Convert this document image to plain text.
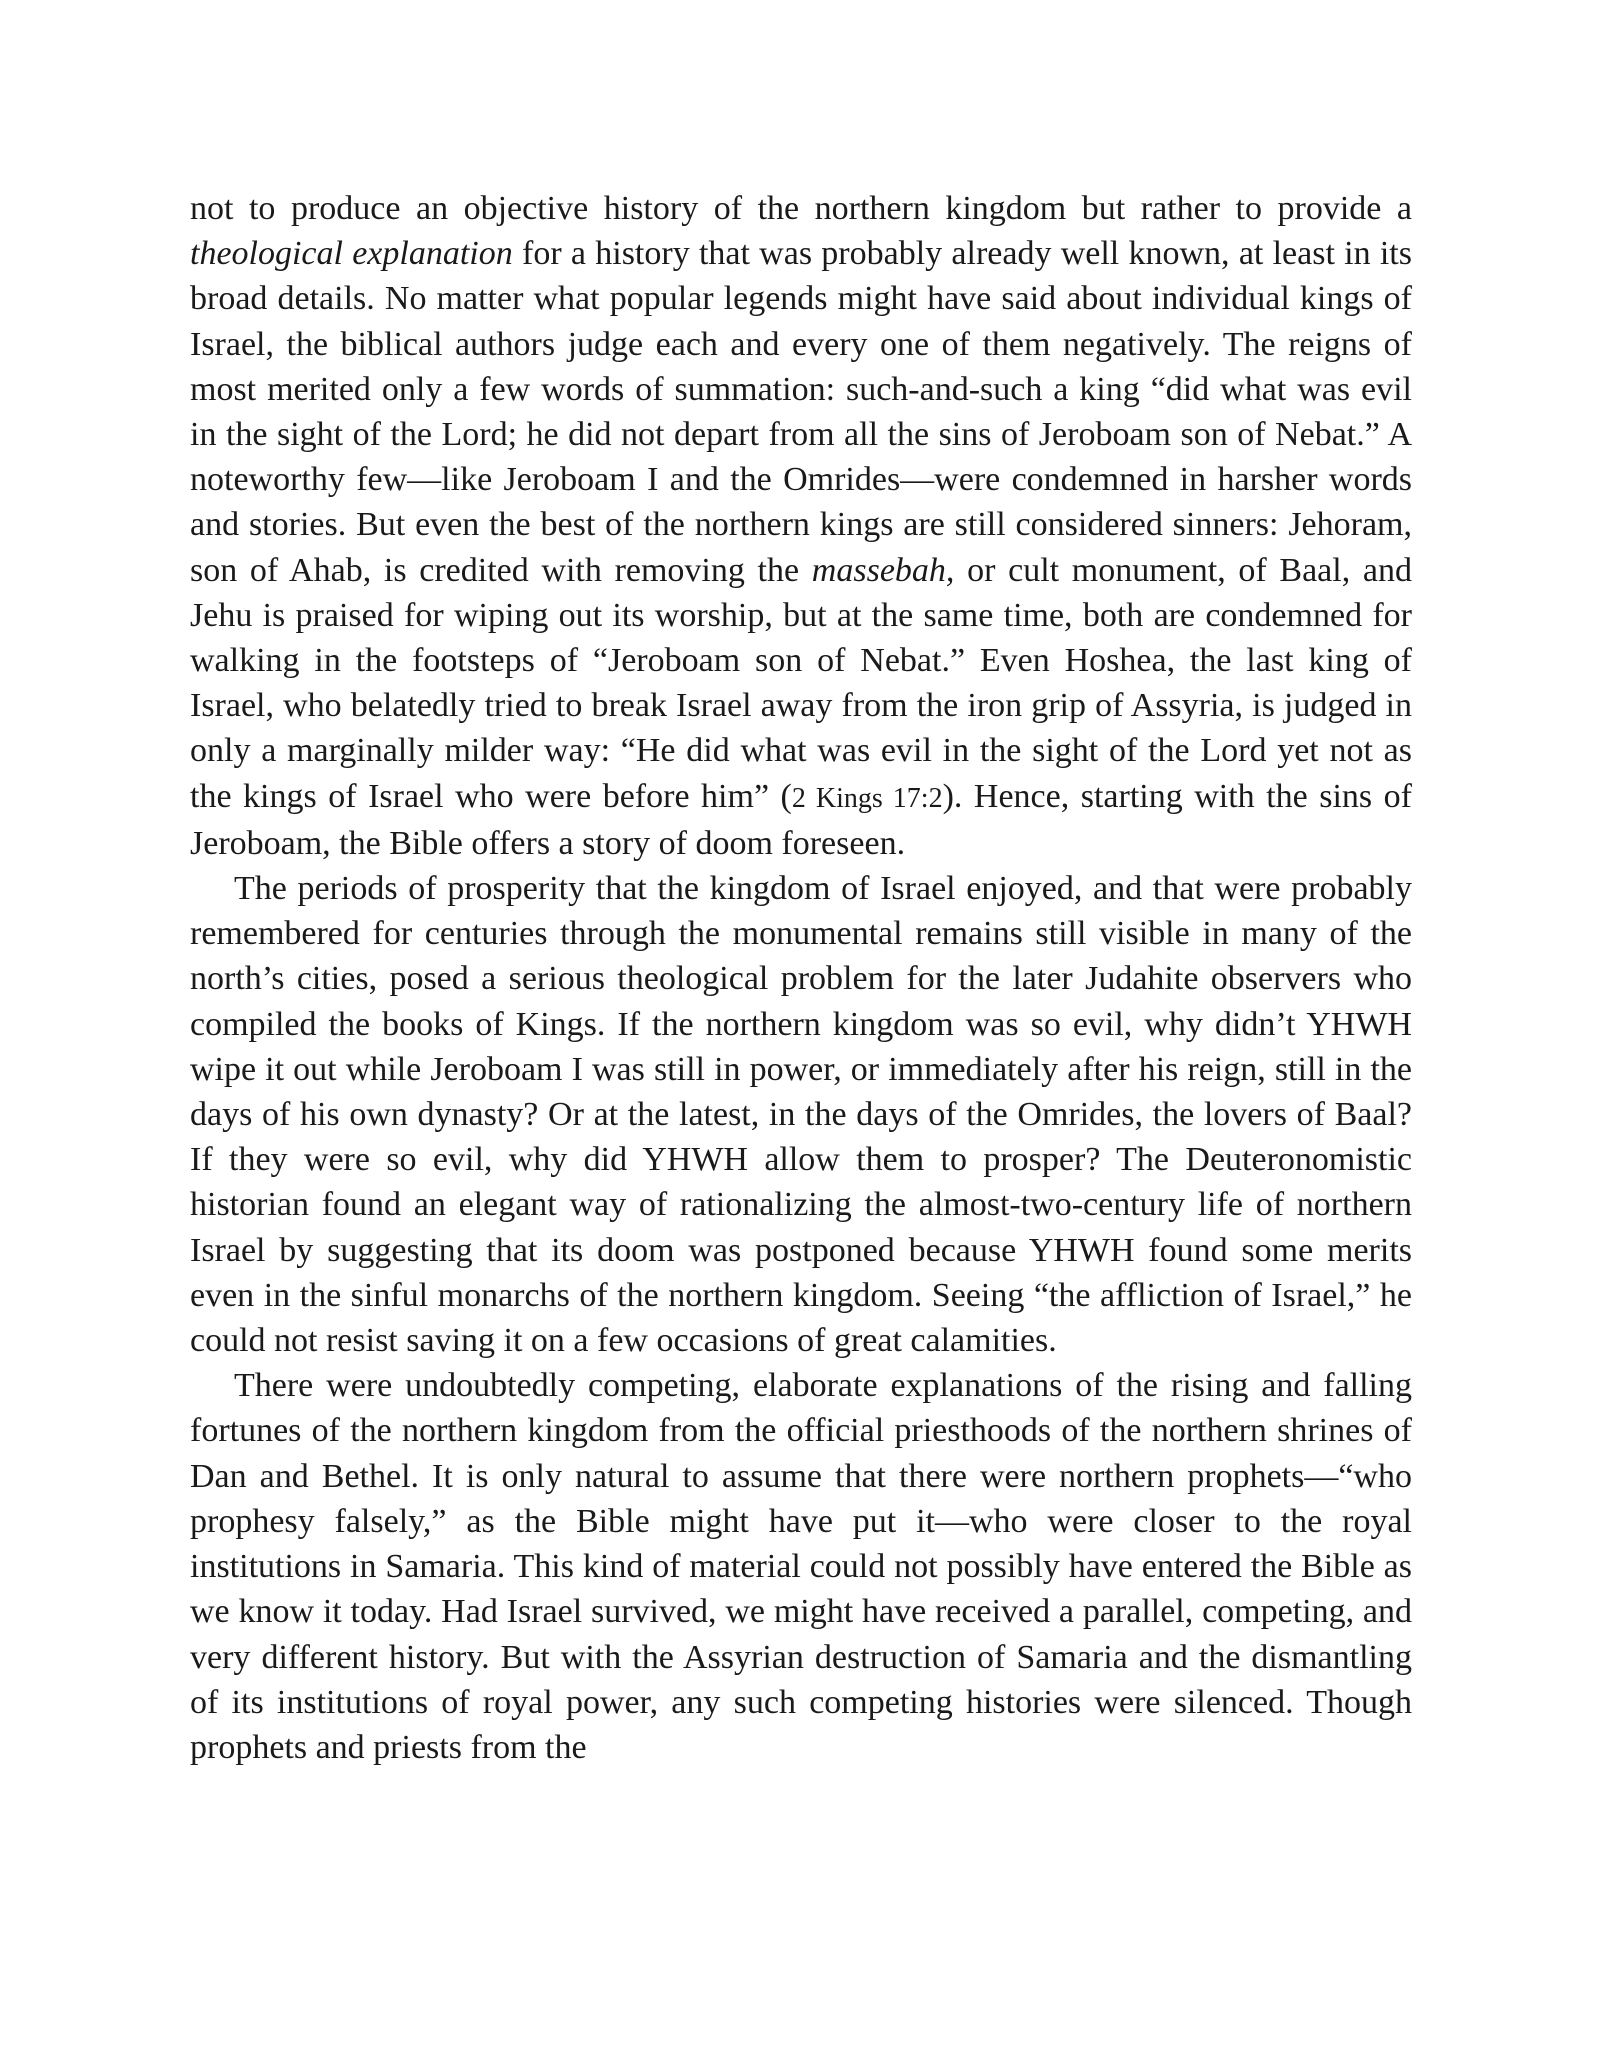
not to produce an objective history of the northern kingdom but rather to provide a theological explanation for a history that was probably already well known, at least in its broad details. No matter what popular legends might have said about individual kings of Israel, the biblical authors judge each and every one of them negatively. The reigns of most merited only a few words of summation: such-and-such a king “did what was evil in the sight of the Lord; he did not depart from all the sins of Jeroboam son of Nebat.” A noteworthy few—like Jeroboam I and the Omrides—were condemned in harsher words and stories. But even the best of the northern kings are still considered sinners: Jehoram, son of Ahab, is credited with removing the massebah, or cult monument, of Baal, and Jehu is praised for wiping out its worship, but at the same time, both are condemned for walking in the footsteps of “Jeroboam son of Nebat.” Even Hoshea, the last king of Israel, who belatedly tried to break Israel away from the iron grip of Assyria, is judged in only a marginally milder way: “He did what was evil in the sight of the Lord yet not as the kings of Israel who were before him” (2 Kings 17:2). Hence, starting with the sins of Jeroboam, the Bible offers a story of doom foreseen.

The periods of prosperity that the kingdom of Israel enjoyed, and that were probably remembered for centuries through the monumental remains still visible in many of the north’s cities, posed a serious theological problem for the later Judahite observers who compiled the books of Kings. If the northern kingdom was so evil, why didn’t YHWH wipe it out while Jeroboam I was still in power, or immediately after his reign, still in the days of his own dynasty? Or at the latest, in the days of the Omrides, the lovers of Baal? If they were so evil, why did YHWH allow them to prosper? The Deuteronomistic historian found an elegant way of rationalizing the almost-two-century life of northern Israel by suggesting that its doom was postponed because YHWH found some merits even in the sinful monarchs of the northern kingdom. Seeing “the affliction of Israel,” he could not resist saving it on a few occasions of great calamities.

There were undoubtedly competing, elaborate explanations of the rising and falling fortunes of the northern kingdom from the official priesthoods of the northern shrines of Dan and Bethel. It is only natural to assume that there were northern prophets—“who prophesy falsely,” as the Bible might have put it—who were closer to the royal institutions in Samaria. This kind of material could not possibly have entered the Bible as we know it today. Had Israel survived, we might have received a parallel, competing, and very different history. But with the Assyrian destruction of Samaria and the dismantling of its institutions of royal power, any such competing histories were silenced. Though prophets and priests from the
